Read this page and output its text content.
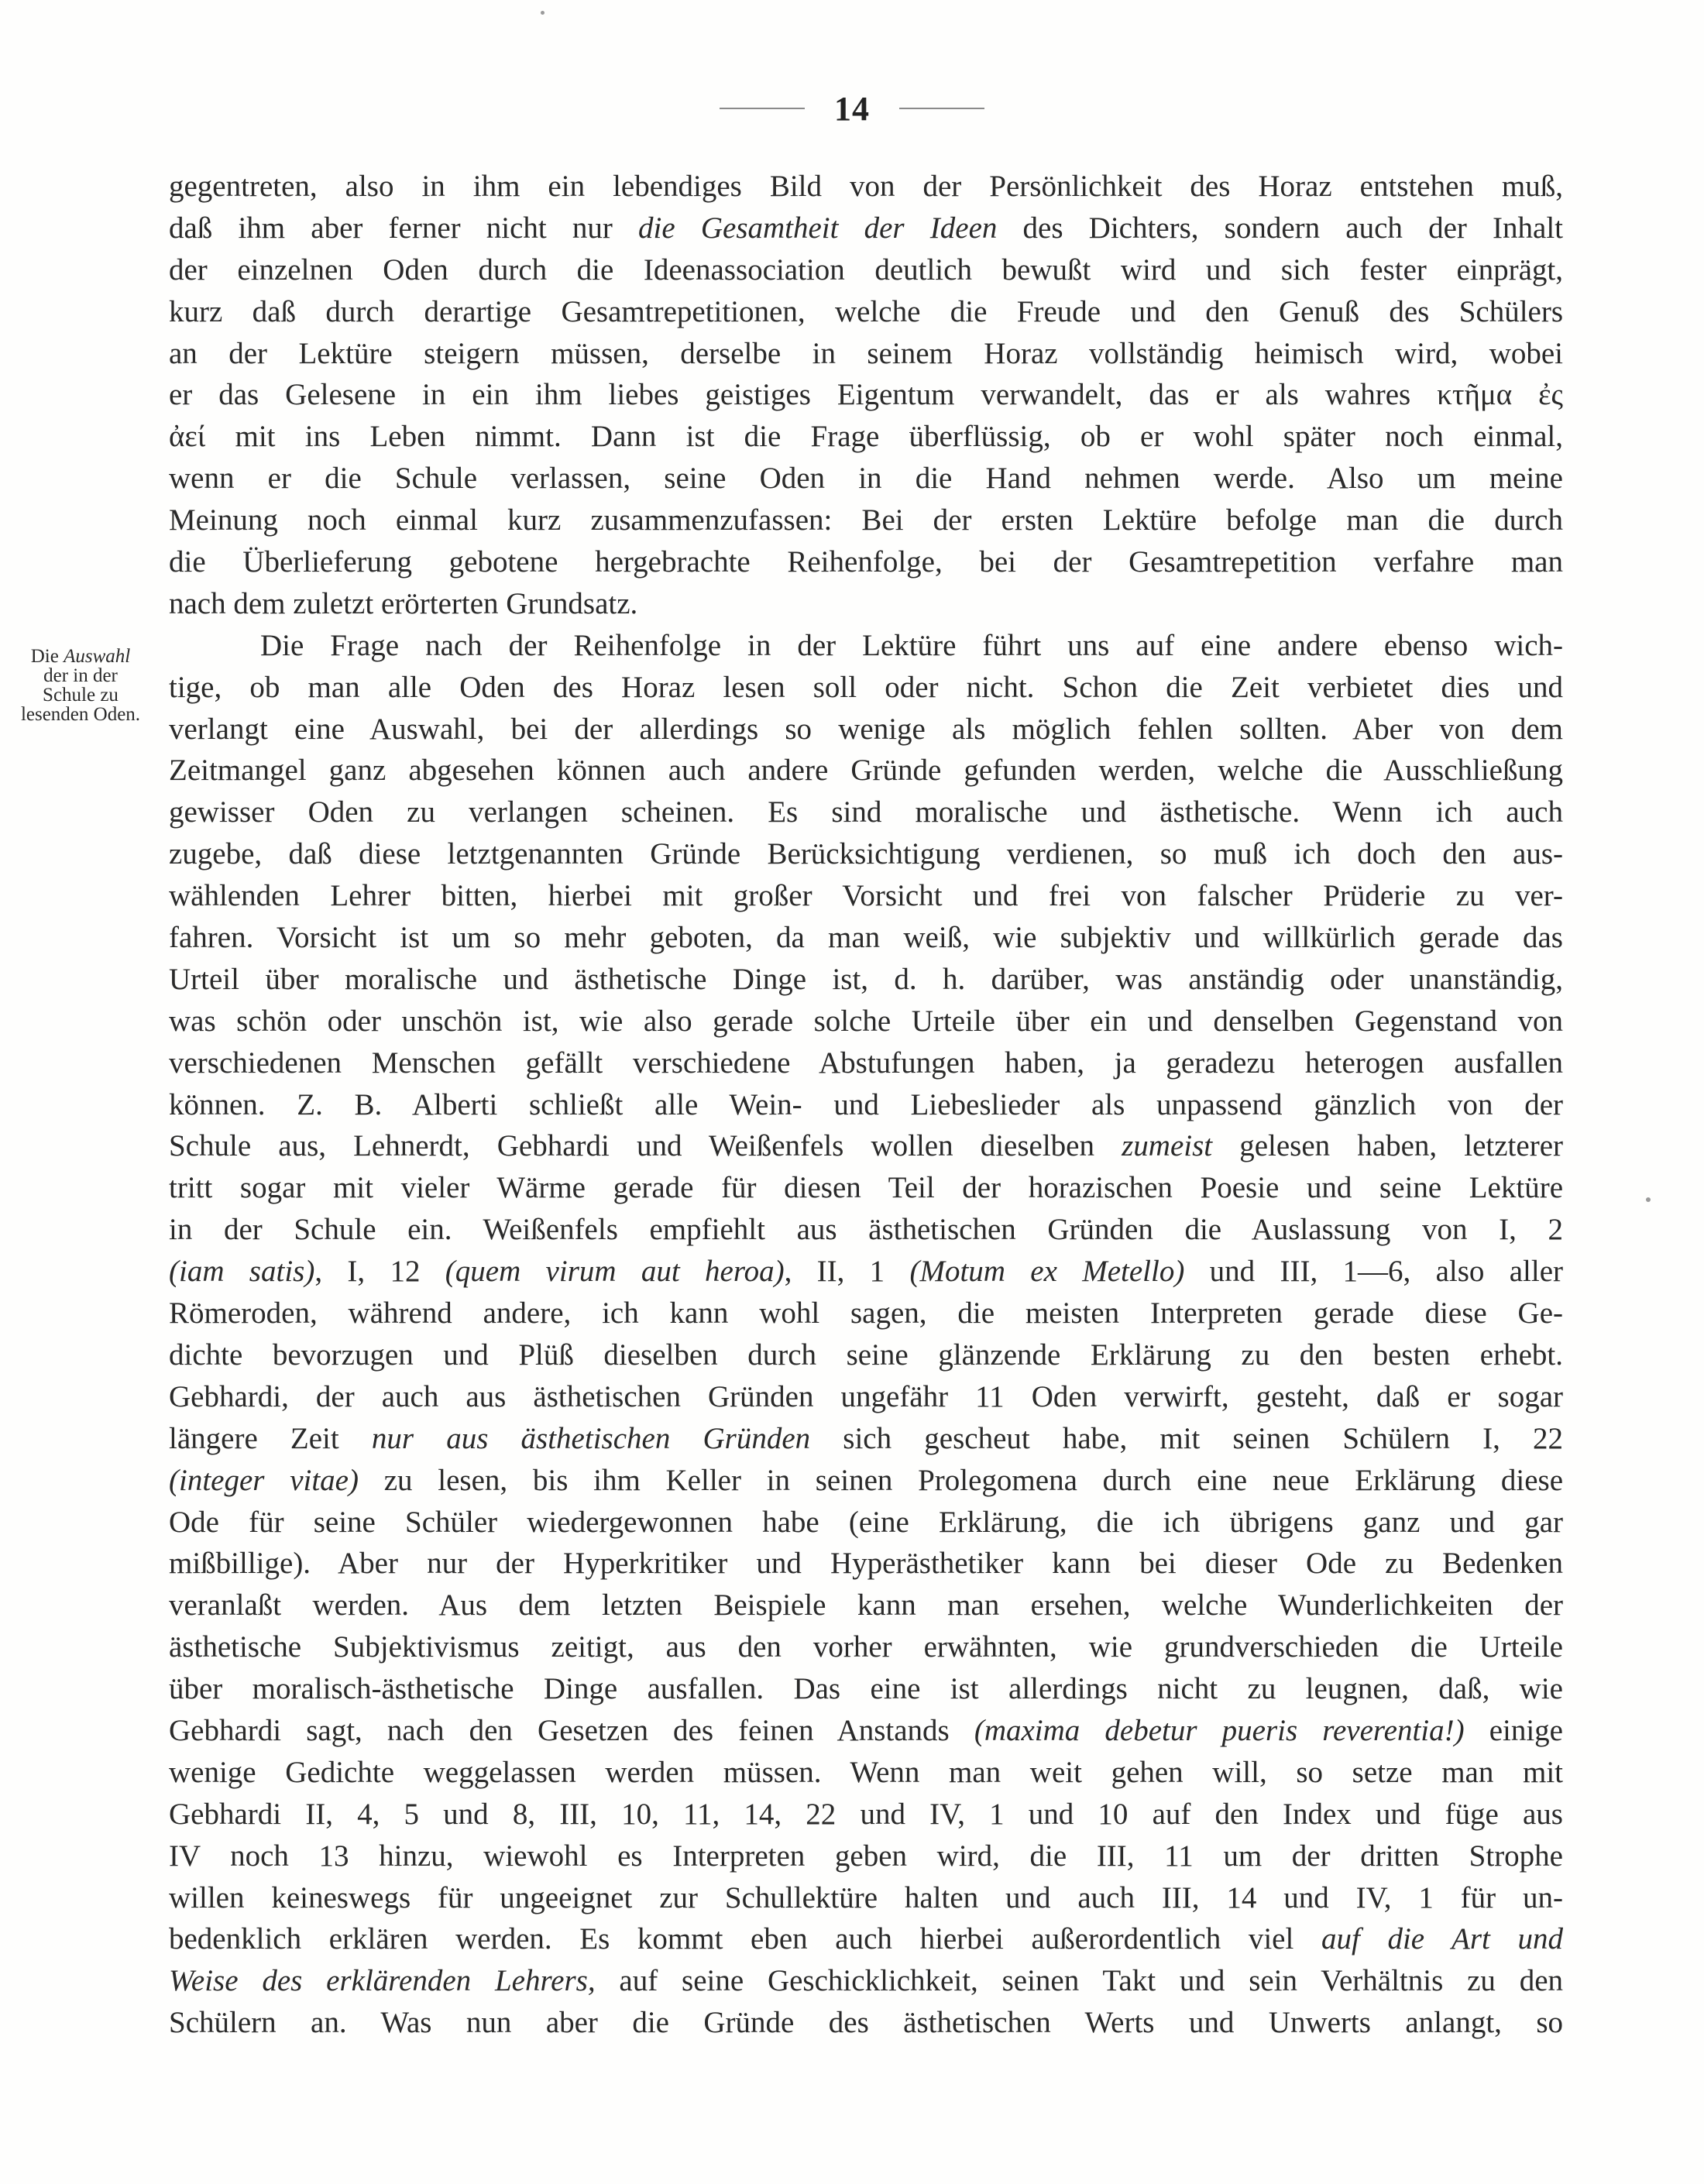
14
Die Auswahl
der in der
Schule zu
lesenden Oden.
gegentreten, also in ihm ein lebendiges Bild von der Persönlichkeit des Horaz entstehen muß,
daß ihm aber ferner nicht nur die Gesamtheit der Ideen des Dichters, sondern auch der Inhalt
der einzelnen Oden durch die Ideenassociation deutlich bewußt wird und sich fester einprägt,
kurz daß durch derartige Gesamtrepetitionen, welche die Freude und den Genuß des Schülers
an der Lektüre steigern müssen, derselbe in seinem Horaz vollständig heimisch wird, wobei
er das Gelesene in ein ihm liebes geistiges Eigentum verwandelt, das er als wahres κτῆμα ἐς
ἀεί mit ins Leben nimmt. Dann ist die Frage überflüssig, ob er wohl später noch einmal,
wenn er die Schule verlassen, seine Oden in die Hand nehmen werde. Also um meine
Meinung noch einmal kurz zusammenzufassen: Bei der ersten Lektüre befolge man die durch
die Überlieferung gebotene hergebrachte Reihenfolge, bei der Gesamtrepetition verfahre man
nach dem zuletzt erörterten Grundsatz.
Die Frage nach der Reihenfolge in der Lektüre führt uns auf eine andere ebenso wich-
tige, ob man alle Oden des Horaz lesen soll oder nicht. Schon die Zeit verbietet dies und
verlangt eine Auswahl, bei der allerdings so wenige als möglich fehlen sollten. Aber von dem
Zeitmangel ganz abgesehen können auch andere Gründe gefunden werden, welche die Ausschließung
gewisser Oden zu verlangen scheinen. Es sind moralische und ästhetische. Wenn ich auch
zugebe, daß diese letztgenannten Gründe Berücksichtigung verdienen, so muß ich doch den aus-
wählenden Lehrer bitten, hierbei mit großer Vorsicht und frei von falscher Prüderie zu ver-
fahren. Vorsicht ist um so mehr geboten, da man weiß, wie subjektiv und willkürlich gerade das
Urteil über moralische und ästhetische Dinge ist, d. h. darüber, was anständig oder unanständig,
was schön oder unschön ist, wie also gerade solche Urteile über ein und denselben Gegenstand von
verschiedenen Menschen gefällt verschiedene Abstufungen haben, ja geradezu heterogen ausfallen
können. Z. B. Alberti schließt alle Wein- und Liebeslieder als unpassend gänzlich von der
Schule aus, Lehnerdt, Gebhardi und Weißenfels wollen dieselben zumeist gelesen haben, letzterer
tritt sogar mit vieler Wärme gerade für diesen Teil der horazischen Poesie und seine Lektüre
in der Schule ein. Weißenfels empfiehlt aus ästhetischen Gründen die Auslassung von I, 2
(iam satis), I, 12 (quem virum aut heroa), II, 1 (Motum ex Metello) und III, 1—6, also aller
Römeroden, während andere, ich kann wohl sagen, die meisten Interpreten gerade diese Ge-
dichte bevorzugen und Plüß dieselben durch seine glänzende Erklärung zu den besten erhebt.
Gebhardi, der auch aus ästhetischen Gründen ungefähr 11 Oden verwirft, gesteht, daß er sogar
längere Zeit nur aus ästhetischen Gründen sich gescheut habe, mit seinen Schülern I, 22
(integer vitae) zu lesen, bis ihm Keller in seinen Prolegomena durch eine neue Erklärung diese
Ode für seine Schüler wiedergewonnen habe (eine Erklärung, die ich übrigens ganz und gar
mißbillige). Aber nur der Hyperkritiker und Hyperästhetiker kann bei dieser Ode zu Bedenken
veranlaßt werden. Aus dem letzten Beispiele kann man ersehen, welche Wunderlichkeiten der
ästhetische Subjektivismus zeitigt, aus den vorher erwähnten, wie grundverschieden die Urteile
über moralisch-ästhetische Dinge ausfallen. Das eine ist allerdings nicht zu leugnen, daß, wie
Gebhardi sagt, nach den Gesetzen des feinen Anstands (maxima debetur pueris reverentia!) einige
wenige Gedichte weggelassen werden müssen. Wenn man weit gehen will, so setze man mit
Gebhardi II, 4, 5 und 8, III, 10, 11, 14, 22 und IV, 1 und 10 auf den Index und füge aus
IV noch 13 hinzu, wiewohl es Interpreten geben wird, die III, 11 um der dritten Strophe
willen keineswegs für ungeeignet zur Schullektüre halten und auch III, 14 und IV, 1 für un-
bedenklich erklären werden. Es kommt eben auch hierbei außerordentlich viel auf die Art und
Weise des erklärenden Lehrers, auf seine Geschicklichkeit, seinen Takt und sein Verhältnis zu den
Schülern an. Was nun aber die Gründe des ästhetischen Werts und Unwerts anlangt, so
